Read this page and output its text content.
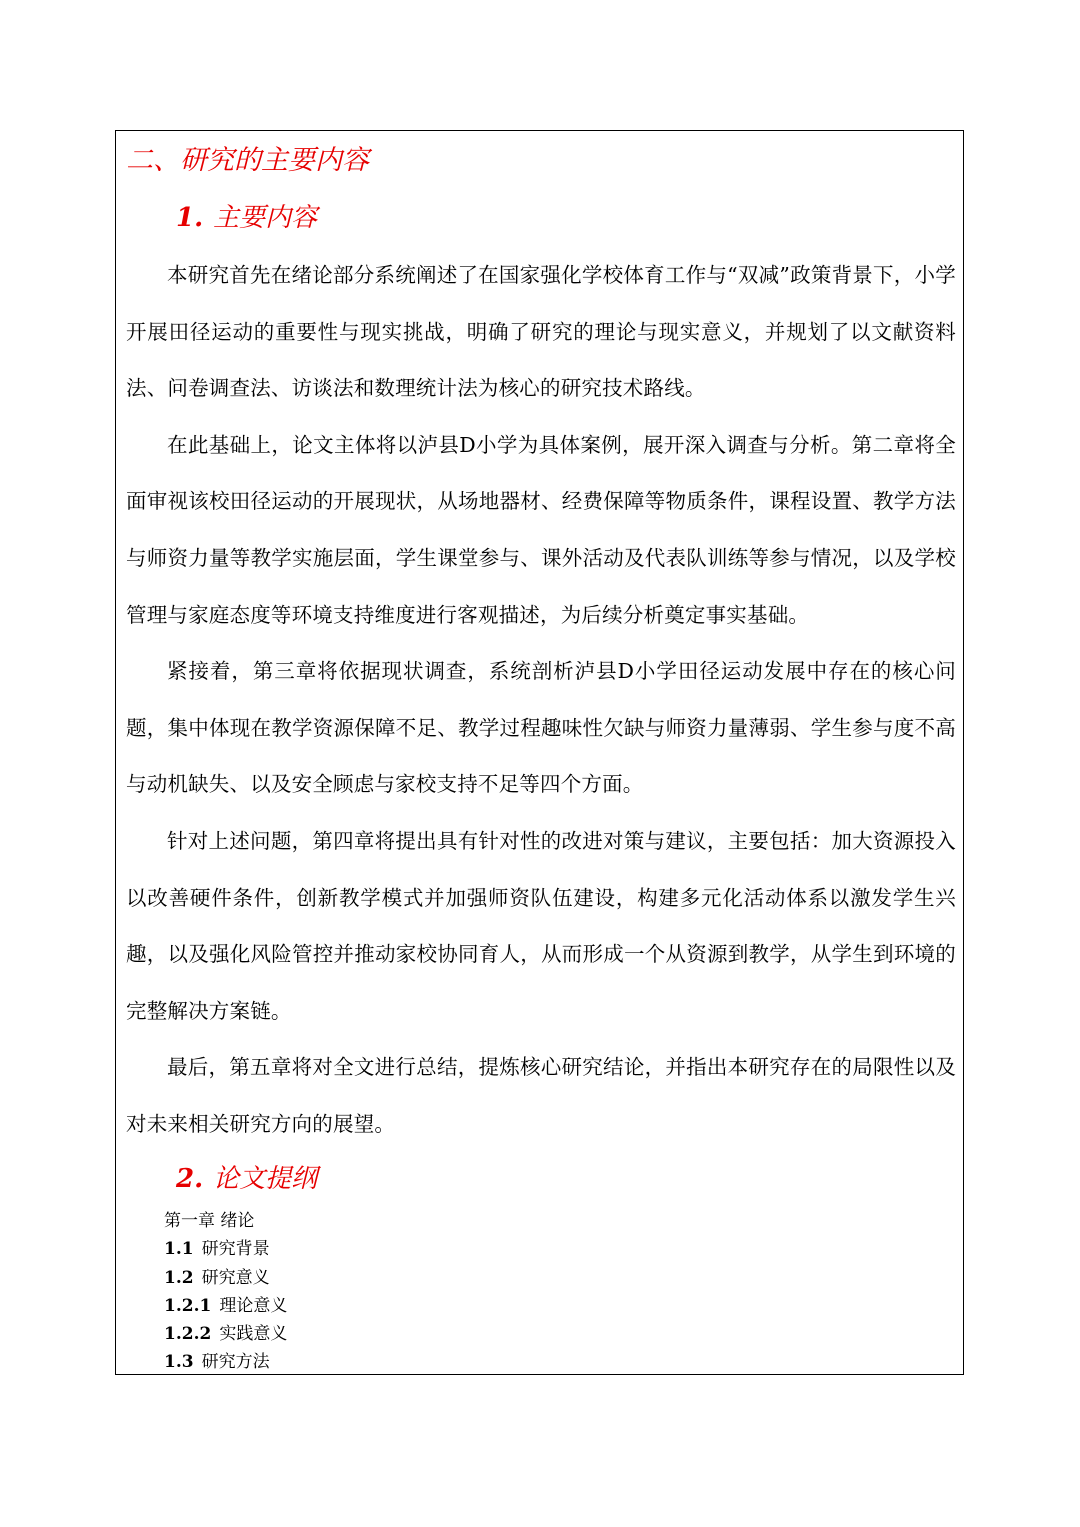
二、研究的主要内容
1. 主要内容

本研究首先在绪论部分系统阐述了在国家强化学校体育工作与“双减”政策背景下，小学开展田径运动的重要性与现实挑战，明确了研究的理论与现实意义，并规划了以文献资料法、问卷调查法、访谈法和数理统计法为核心的研究技术路线。

在此基础上，论文主体将以泸县D小学为具体案例，展开深入调查与分析。第二章将全面审视该校田径运动的开展现状，从场地器材、经费保障等物质条件，课程设置、教学方法与师资力量等教学实施层面，学生课堂参与、课外活动及代表队训练等参与情况，以及学校管理与家庭态度等环境支持维度进行客观描述，为后续分析奠定事实基础。

紧接着，第三章将依据现状调查，系统剖析泸县D小学田径运动发展中存在的核心问题，集中体现在教学资源保障不足、教学过程趣味性欠缺与师资力量薄弱、学生参与度不高与动机缺失、以及安全顾虑与家校支持不足等四个方面。

针对上述问题，第四章将提出具有针对性的改进对策与建议，主要包括：加大资源投入以改善硬件条件，创新教学模式并加强师资队伍建设，构建多元化活动体系以激发学生兴趣，以及强化风险管控并推动家校协同育人，从而形成一个从资源到教学，从学生到环境的完整解决方案链。

最后，第五章将对全文进行总结，提炼核心研究结论，并指出本研究存在的局限性以及对未来相关研究方向的展望。

2. 论文提纲
第一章 绪论
1.1 研究背景
1.2 研究意义
1.2.1 理论意义
1.2.2 实践意义
1.3 研究方法
